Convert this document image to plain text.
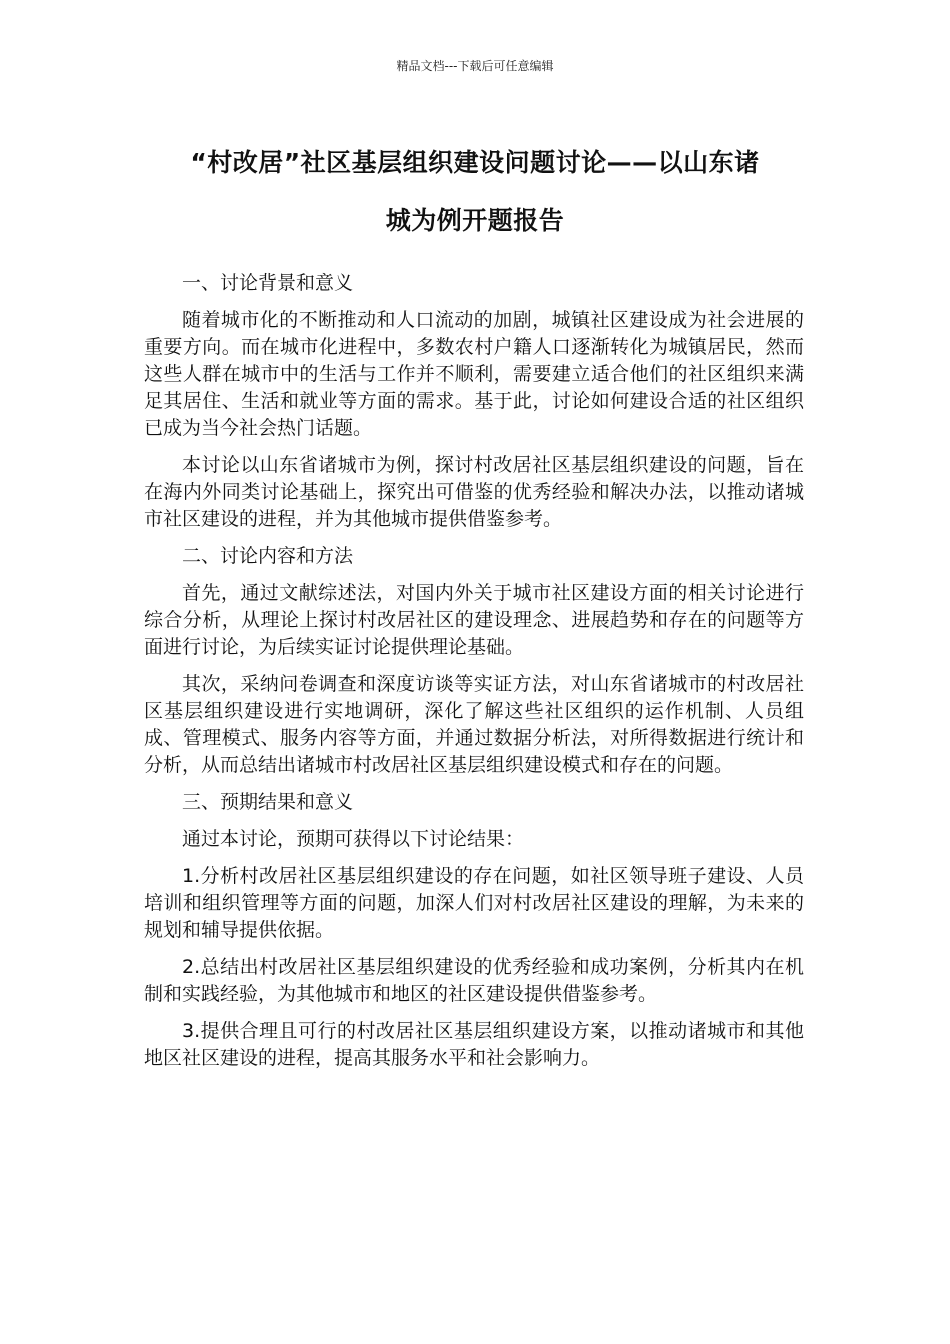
精品文档---下载后可任意编辑
“村改居”社区基层组织建设问题讨论——以山东诸
城为例开题报告

一、讨论背景和意义

随着城市化的不断推动和人口流动的加剧，城镇社区建设成为社会进展的重要方向。而在城市化进程中，多数农村户籍人口逐渐转化为城镇居民，然而这些人群在城市中的生活与工作并不顺利，需要建立适合他们的社区组织来满足其居住、生活和就业等方面的需求。基于此，讨论如何建设合适的社区组织已成为当今社会热门话题。

本讨论以山东省诸城市为例，探讨村改居社区基层组织建设的问题，旨在在海内外同类讨论基础上，探究出可借鉴的优秀经验和解决办法，以推动诸城市社区建设的进程，并为其他城市提供借鉴参考。

二、讨论内容和方法

首先，通过文献综述法，对国内外关于城市社区建设方面的相关讨论进行综合分析，从理论上探讨村改居社区的建设理念、进展趋势和存在的问题等方面进行讨论，为后续实证讨论提供理论基础。

其次，采纳问卷调查和深度访谈等实证方法，对山东省诸城市的村改居社区基层组织建设进行实地调研，深化了解这些社区组织的运作机制、人员组成、管理模式、服务内容等方面，并通过数据分析法，对所得数据进行统计和分析，从而总结出诸城市村改居社区基层组织建设模式和存在的问题。

三、预期结果和意义

通过本讨论，预期可获得以下讨论结果：

1.分析村改居社区基层组织建设的存在问题，如社区领导班子建设、人员培训和组织管理等方面的问题，加深人们对村改居社区建设的理解，为未来的规划和辅导提供依据。

2.总结出村改居社区基层组织建设的优秀经验和成功案例，分析其内在机制和实践经验，为其他城市和地区的社区建设提供借鉴参考。

3.提供合理且可行的村改居社区基层组织建设方案，以推动诸城市和其他地区社区建设的进程，提高其服务水平和社会影响力。
